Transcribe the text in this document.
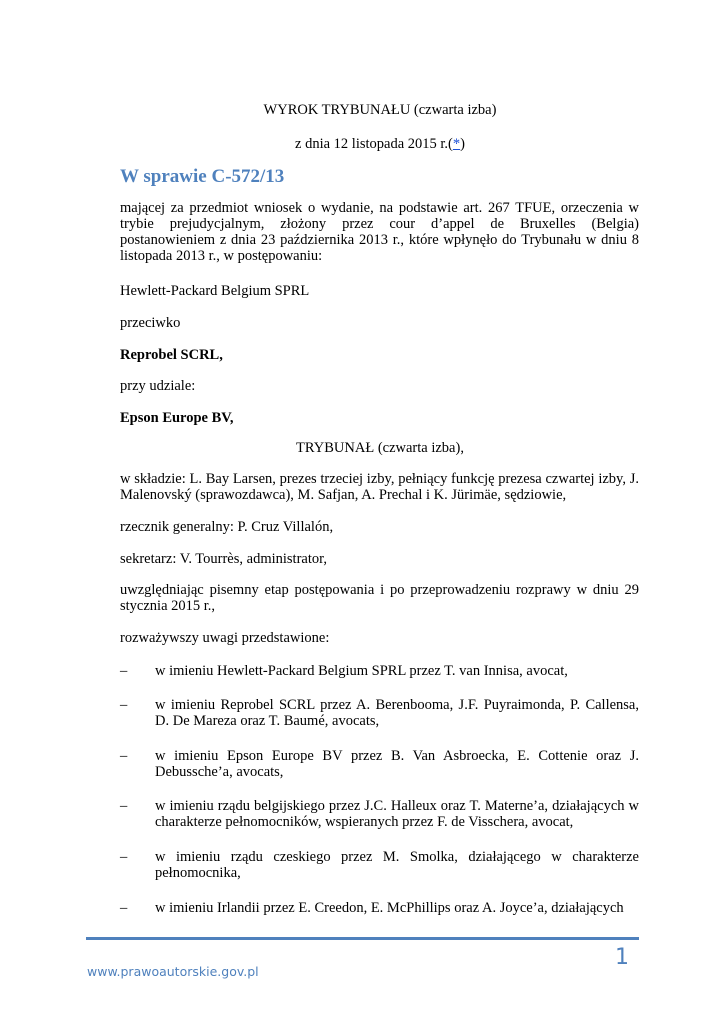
WYROK TRYBUNAŁU (czwarta izba)
z dnia 12 listopada 2015 r.(*)
W sprawie C-572/13
mającej za przedmiot wniosek o wydanie, na podstawie art. 267 TFUE, orzeczenia w trybie prejudycjalnym, złożony przez cour d’appel de Bruxelles (Belgia) postanowieniem z dnia 23 października 2013 r., które wpłynęło do Trybunału w dniu 8 listopada 2013 r., w postępowaniu:
Hewlett-Packard Belgium SPRL
przeciwko
Reprobel SCRL,
przy udziale:
Epson Europe BV,
TRYBUNAŁ (czwarta izba),
w składzie: L. Bay Larsen, prezes trzeciej izby, pełniący funkcję prezesa czwartej izby, J. Malenovský (sprawozdawca), M. Safjan, A. Prechal i K. Jürimäe, sędziowie,
rzecznik generalny: P. Cruz Villalón,
sekretarz: V. Tourrès, administrator,
uwzględniając pisemny etap postępowania i po przeprowadzeniu rozprawy w dniu 29 stycznia 2015 r.,
rozważywszy uwagi przedstawione:
– w imieniu Hewlett-Packard Belgium SPRL przez T. van Innisa, avocat,
– w imieniu Reprobel SCRL przez A. Berenbooma, J.F. Puyraimonda, P. Callensa, D. De Mareza oraz T. Baumé, avocats,
– w imieniu Epson Europe BV przez B. Van Asbroecka, E. Cottenie oraz J. Debussche’a, avocats,
– w imieniu rządu belgijskiego przez J.C. Halleux oraz T. Materne’a, działających w charakterze pełnomocników, wspieranych przez F. de Visschera, avocat,
– w imieniu rządu czeskiego przez M. Smolka, działającego w charakterze pełnomocnika,
– w imieniu Irlandii przez E. Creedon, E. McPhillips oraz A. Joyce’a, działających
1
www.prawoautorskie.gov.pl
